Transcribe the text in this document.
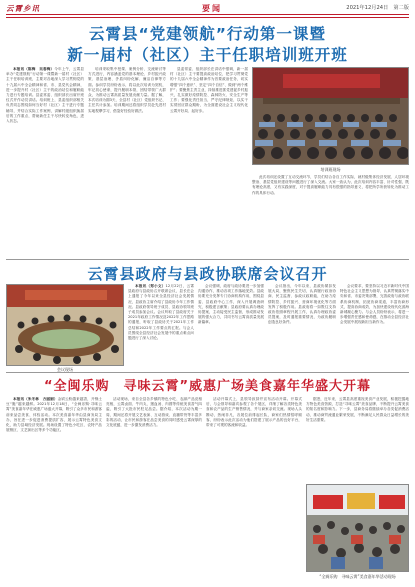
云霄乡讯	要闻	2021年12月24日　第二版
云霄县“党建领航”行动第一课暨
新一届村（社区）主干任职培训班开班

本报讯（陈梅　吴春梅）今年上午，云霄县举办“党建领航”行动第一课暨新一届村（社区）主干任职培训班，主要对各地深入学习贯彻党的十九届六中全会精神和省、市、县党代会精神，进一步提升村（社区）主干的政治站位和履职能力进行专题培训。县委常委、组织部长出席开班仪式并作动员讲话。培训班上，县委组织部相关负责同志围绕如何当好村（社区）主干进行专题辅导，并结合实际工作案例，讲解村级组织换届后的工作重点，帮助新任主干尽快转变角色、进入状态。

培训采取集中授课、案例分析、交流研讨等方式进行，内容涵盖党的基本理论、乡村振兴政策、基层治理、矛盾纠纷化解、廉洁自律等方面。参训学员纷纷表示，将以此次培训为契机，牢记初心使命，提升履职本领，团结带领广大群众，为推动云霄高质量发展贡献力量。据了解，本次培训为期3天，全县村（社区）党组织书记、主任共计参加。培训期间还将组织学员赴先进村实地观摩学习，借鉴好经验好做法。

县委常委、组织部长在讲话中强调，新一届村（社区）主干要提高政治站位，把学习贯彻党的十九届六中全会精神作为首要政治任务，切实增强“四个意识”、坚定“四个自信”、做到“两个维护”；要聚焦主责主业，持续推进抓党建促乡村振兴，扎实做好疫情防控、森林防火、安全生产等工作；要强化责任担当，严守纪律规矩，以实干实绩回应群众期盼，为全面建设社会主义现代化云霄开好局、起好步。

培训班现场

此次培训还设置了互动交流环节，学员们结合各自工作实际，就村级集体经济发展、人居环境整治、基层党组织建设等问题进行了深入交流。大家一致认为，此次培训内容丰富、针对性强，既有理论高度，又有实践深度，对于提高履职能力具有很强的指导意义，将把所学所获转化为推动工作的具体行动。

云霄县政府与县政协联席会议召开
会议现场

本报讯（郑小文）12月22日，云霄县政府与县政协召开联席会议，县长在会上通报了今年以来全县经济社会发展情况，县政协主席介绍了县政协今年工作情况。县政府领导班子成员、县政协领导班子成员参加会议。会议听取了县政府关于2021年政府工作情况及2022年工作思路的通报，听取了县政协关于2021年工作总结和2022年工作要点的汇报。与会人员围绕全县经济社会发展中的重点难点问题进行了深入讨论。

会议强调，政府与政协要进一步加强沟通协作，推动各项工作落地见效。县政协要充分发挥专门协商机构作用，围绕县委、县政府中心工作，深入开展调查研究，积极建言献策；县政府要认真办理政协提案，主动接受民主监督，形成推动发展的强大合力，共同书写云霄高质量发展新篇章。

会议指出，今年以来，县政协紧扣发展大局，聚焦民生关切，认真履行政治协商、民主监督、参政议政职能，在助力疫情防控、乡村振兴、营商环境优化等方面发挥了积极作用。县政府将一如既往支持政协依照章程开展工作，认真办理政协委员提案，及时通报重要情况，为政协履职创造良好条件。

会议要求，要坚持以习近平新时代中国特色社会主义思想为指导，认真贯彻落实中央和省、市委决策部署，完善政府与政协联系协商机制，拓宽协商渠道，丰富协商形式，提高协商成效，为加快建设现代化滨海新城凝心聚力。与会人员纷纷表示，将进一步增强责任感和使命感，在推动全县经济社会发展中展现新担当新作为。

“全闽乐购　寻味云霄”威惠广场美食嘉年华盛大开幕

本报讯（朱冬林　方丽娟）金钺云粉越来越香，开锅土豆“脆”越来越鲜。2021年12月18日，“全闽乐购·寻味云霄”美食嘉年华在威惠广场盛大开幕，吸引了众多市民和游客前来品尝美食、体验活动。本次美食嘉年华由县商务局主办，旨在进一步促进消费提质扩容，展示云霄特色美食文化，助力县域经济发展。现场设置了特色小吃区、农特产品展销区、文艺演出区等多个功能区。

活动现场，来自全县各乡镇的特色小吃、农副产品竞相亮相，云霄卤面、牛肉丸、猪血汤、肉圆等传统美食香气四溢，吸引了大批市民驻足品尝。据介绍，本次活动为期一周，期间还将开展文艺表演、互动游戏、直播带货等丰富多彩的活动，让市民和游客在品尝美食的同时感受云霄深厚的文化底蕴，进一步激发消费活力。

活动开幕式上，县领导致辞并宣布活动开幕。开幕式后，与会领导和嘉宾参观了各个展区，详细了解各类特色美食和农产品的生产销售情况，并与商家亲切交流。现场人头攒动，热闹非凡，各展位前排起长队，商家们热情招呼顾客，纷纷表示此次活动为他们搭建了展示产品的良好平台，带来了可观的客流和收益。

据悉，近年来，云霄县高度重视美食产业发展，积极挖掘地方特色美食资源，打造“寻味云霄”美食品牌，不断提升云霄美食的知名度和影响力。下一步，县商务局将继续举办各类促消费活动，推动商贸流通业繁荣发展，不断满足人民群众日益增长的美好生活需要。

“全闽乐购　寻味云霄”美食嘉年华活动现场
